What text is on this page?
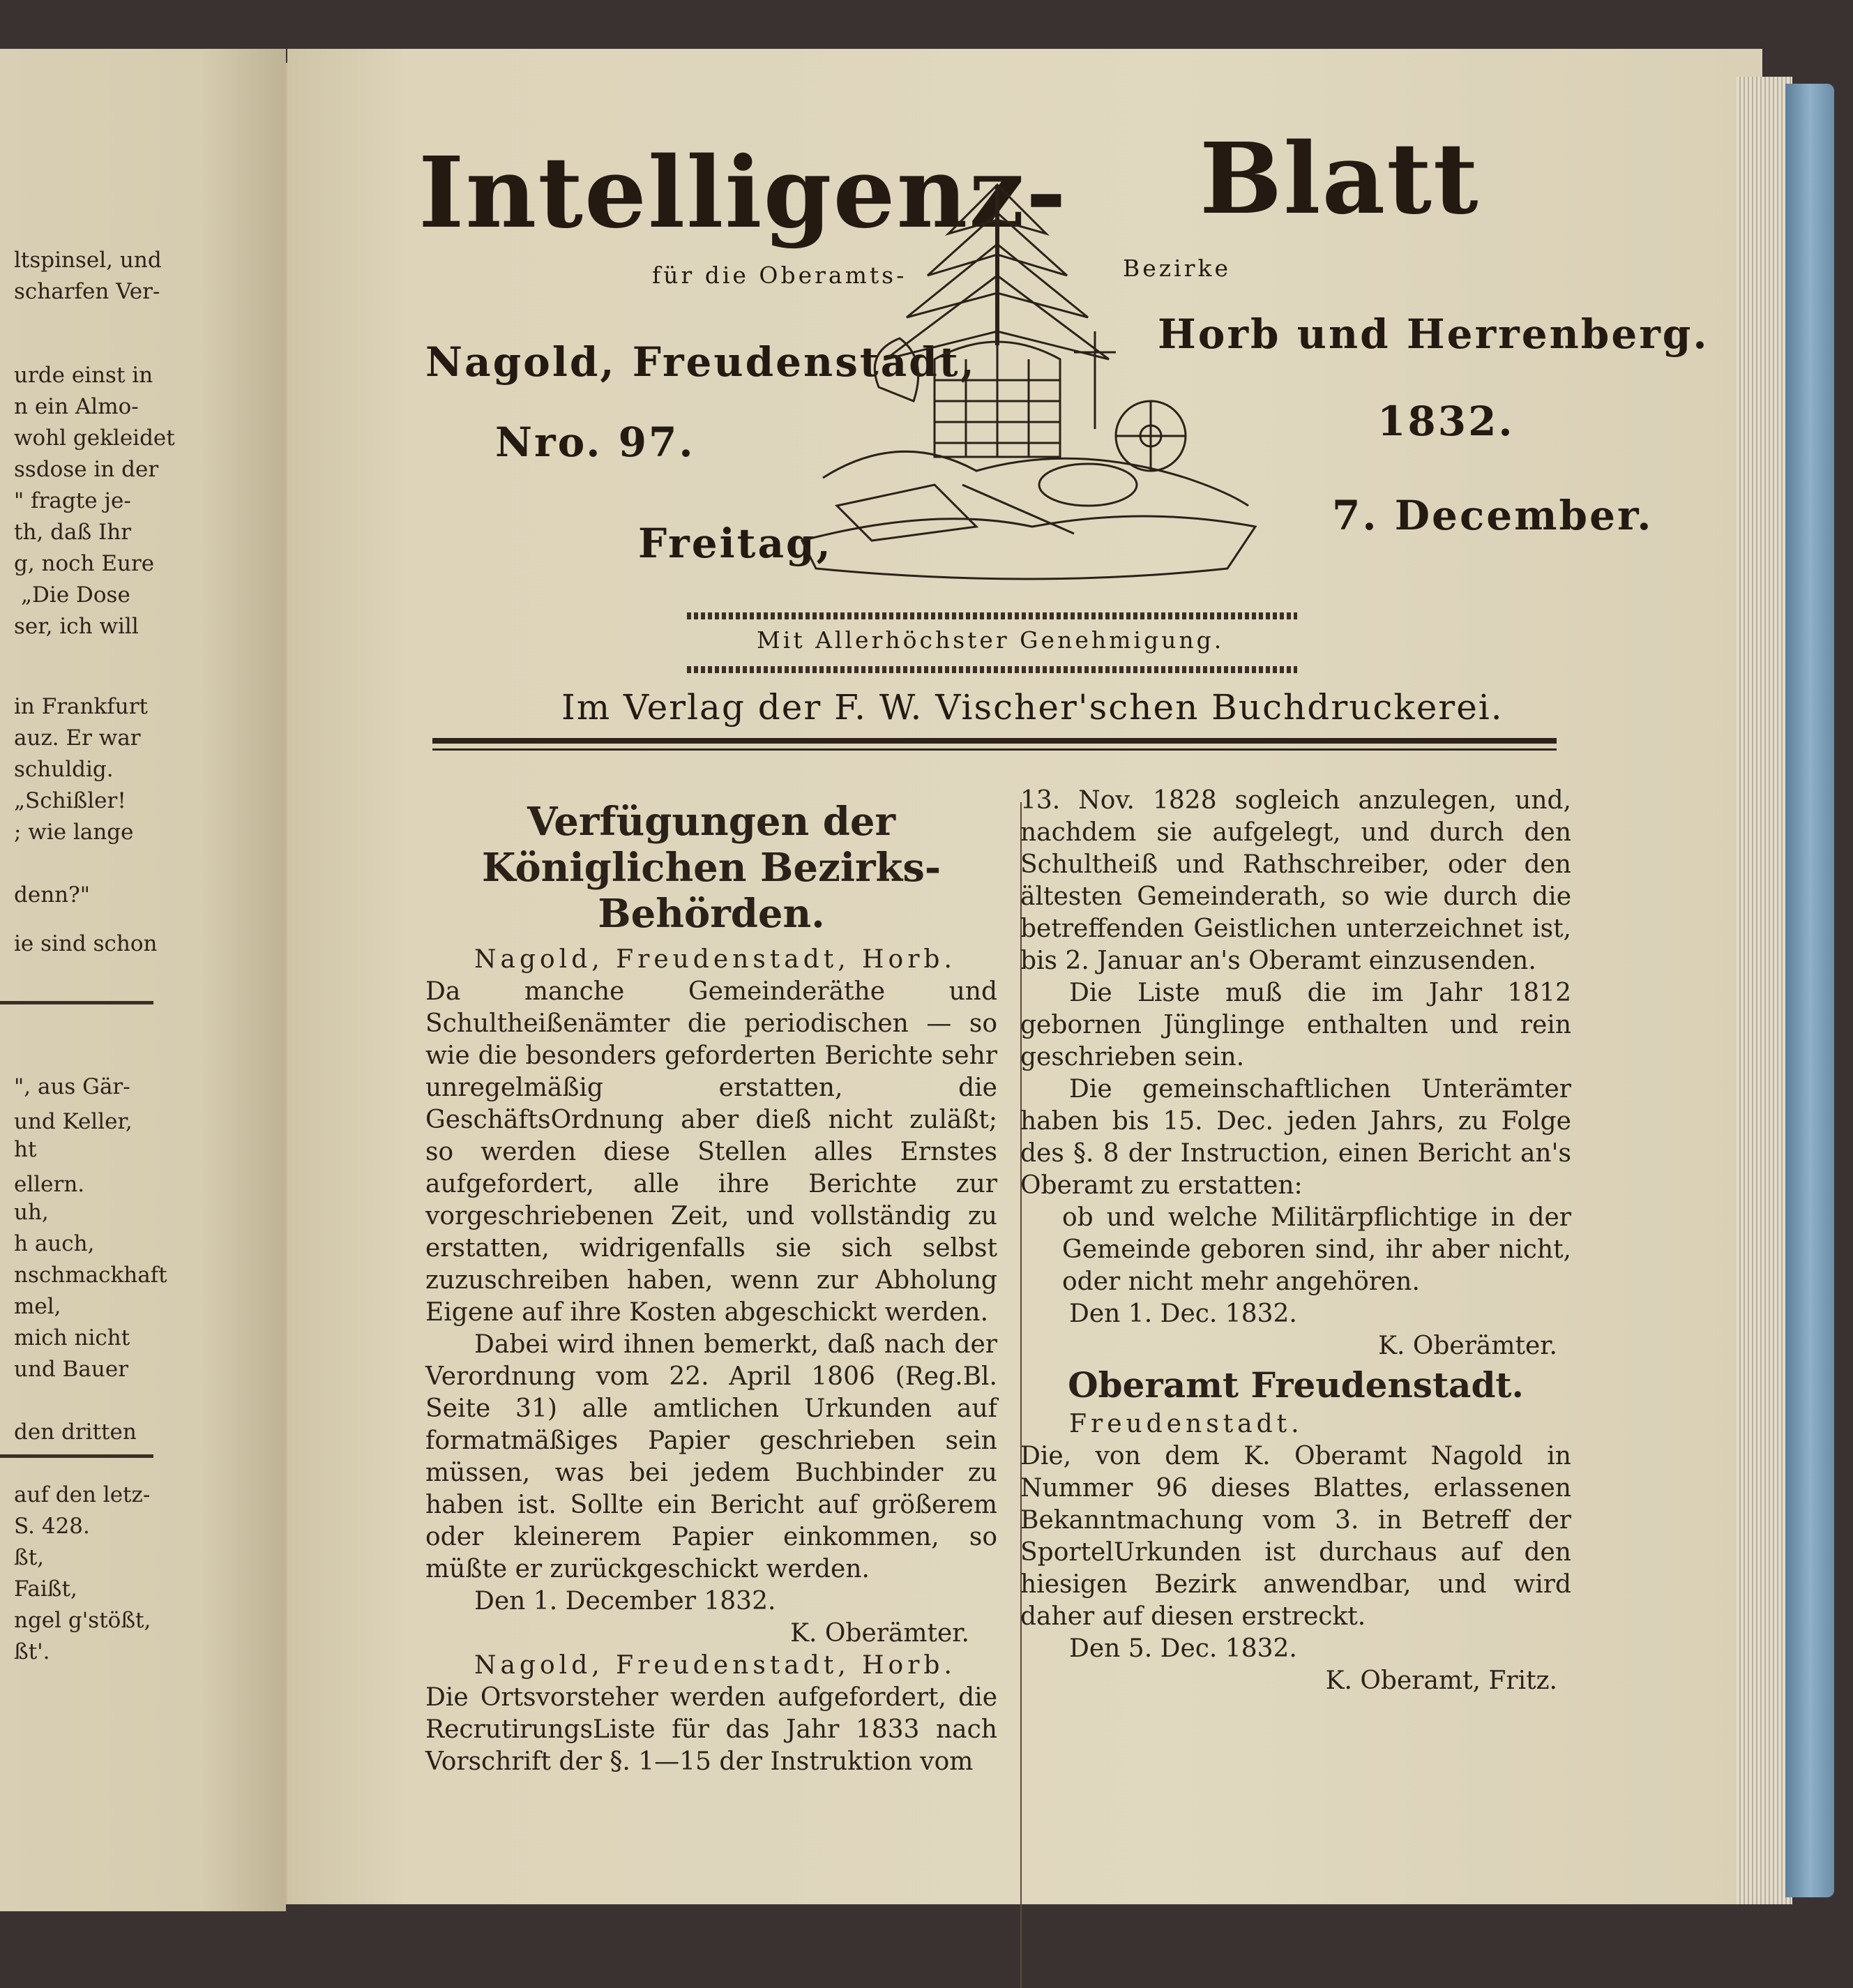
ltspinsel, und
scharfen Ver-
urde einst in
n ein Almo-
wohl gekleidet
ssdose in der
" fragte je-
th, daß Ihr
g, noch Eure
„Die Dose
ser, ich will
in Frankfurt
auz. Er war
schuldig.
„Schißler!
; wie lange
denn?"
ie sind schon
", aus Gär-
und Keller,
ht
ellern.
uh,
h auch,
nschmackhaft
mel,
mich nicht
und Bauer
den dritten
auf den letz-
S. 428.
ßt,
Faißt,
ngel g'stößt,
ßt'.
Intelligenz- Blatt
für die Oberamts-	Bezirke
Nagold, Freudenstadt,
Horb und Herrenberg.
Nro. 97.	1832.
Freitag,
7. December.
Mit Allerhöchster Genehmigung.
Im Verlag der F. W. Vischer'schen Buchdruckerei.

Verfügungen der Königlichen Bezirks-Behörden.

Nagold, Freudenstadt, Horb.

Da manche Gemeinderäthe und Schultheißenämter die periodischen — so wie die besonders geforderten Berichte sehr unregelmäßig erstatten, die GeschäftsOrdnung aber dieß nicht zuläßt; so werden diese Stellen alles Ernstes aufgefordert, alle ihre Berichte zur vorgeschriebenen Zeit, und vollständig zu erstatten, widrigenfalls sie sich selbst zuzuschreiben haben, wenn zur Abholung Eigene auf ihre Kosten abgeschickt werden.

Dabei wird ihnen bemerkt, daß nach der Verordnung vom 22. April 1806 (Reg.Bl. Seite 31) alle amtlichen Urkunden auf formatmäßiges Papier geschrieben sein müssen, was bei jedem Buchbinder zu haben ist. Sollte ein Bericht auf größerem oder kleinerem Papier einkommen, so müßte er zurückgeschickt werden.

Den 1. December 1832.

K. Oberämter.

Nagold, Freudenstadt, Horb.

Die Ortsvorsteher werden aufgefordert, die RecrutirungsListe für das Jahr 1833 nach Vorschrift der §. 1—15 der Instruktion vom

13. Nov. 1828 sogleich anzulegen, und, nachdem sie aufgelegt, und durch den Schultheiß und Rathschreiber, oder den ältesten Gemeinderath, so wie durch die betreffenden Geistlichen unterzeichnet ist, bis 2. Januar an's Oberamt einzusenden.

Die Liste muß die im Jahr 1812 gebornen Jünglinge enthalten und rein geschrieben sein.

Die gemeinschaftlichen Unterämter haben bis 15. Dec. jeden Jahrs, zu Folge des §. 8 der Instruction, einen Bericht an's Oberamt zu erstatten:

ob und welche Militärpflichtige in der Gemeinde geboren sind, ihr aber nicht, oder nicht mehr angehören.

Den 1. Dec. 1832.

K. Oberämter.

Oberamt Freudenstadt.

Freudenstadt.

Die, von dem K. Oberamt Nagold in Nummer 96 dieses Blattes, erlassenen Bekanntmachung vom 3. in Betreff der SportelUrkunden ist durchaus auf den hiesigen Bezirk anwendbar, und wird daher auf diesen erstreckt.

Den 5. Dec. 1832.

K. Oberamt, Fritz.
